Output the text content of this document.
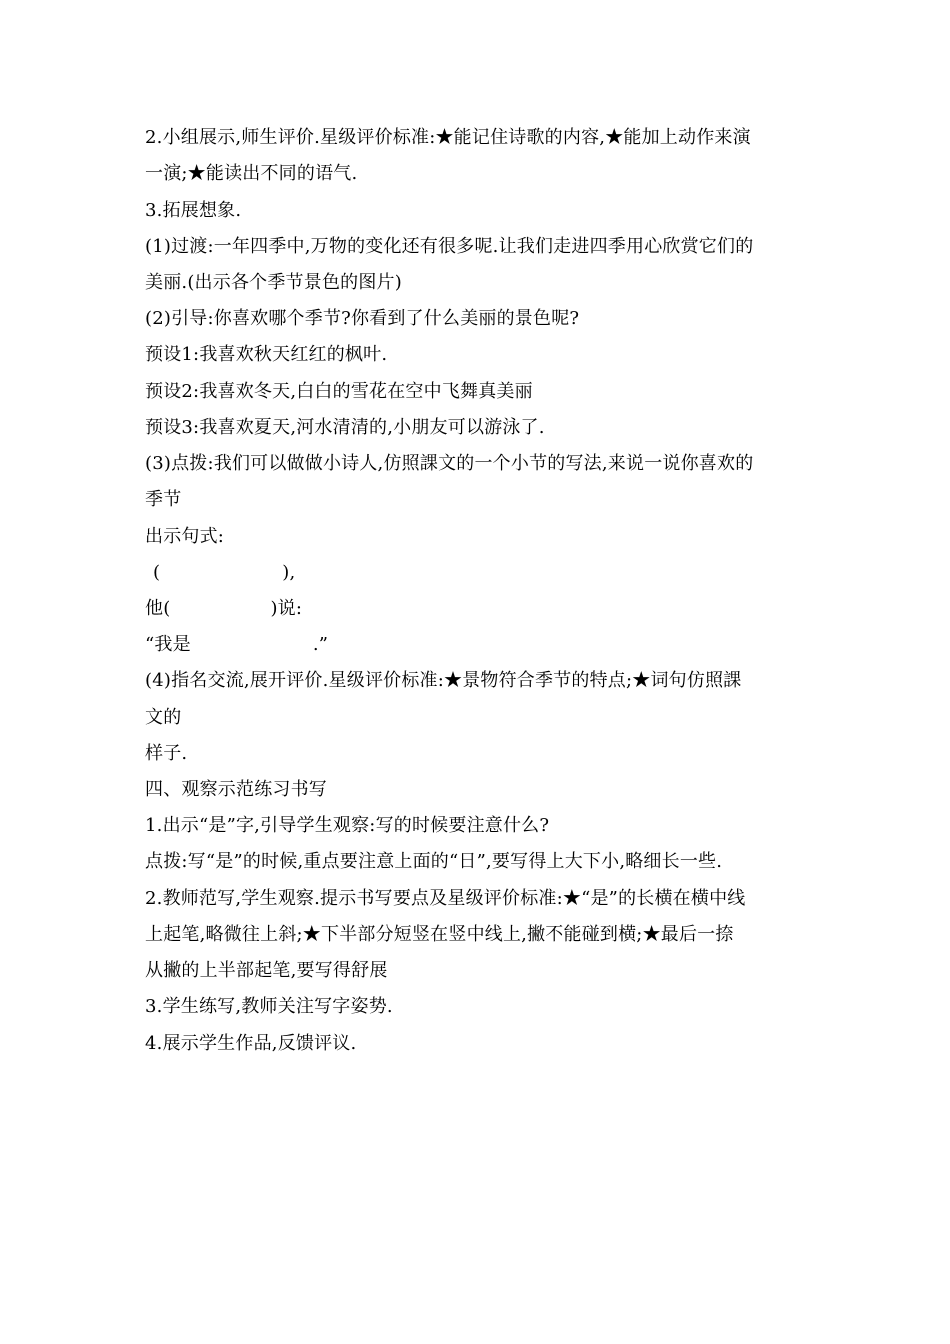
2.小组展示,师生评价.星级评价标准:★能记住诗歌的内容,★能加上动作来演
一演;★能读出不同的语气.
3.拓展想象.
(1)过渡:一年四季中,万物的变化还有很多呢.让我们走进四季用心欣赏它们的
美丽.(出示各个季节景色的图片)
(2)引导:你喜欢哪个季节?你看到了什么美丽的景色呢?
预设1:我喜欢秋天红红的枫叶.
预设2:我喜欢冬天,白白的雪花在空中飞舞真美丽
预设3:我喜欢夏天,河水清清的,小朋友可以游泳了.
(3)点拨:我们可以做做小诗人,仿照課文的一个小节的写法,来说一说你喜欢的
季节
出示句式:
(	),
他(	)说:
“我是	.”
(4)指名交流,展开评价.星级评价标准:★景物符合季节的特点;★词句仿照課
文的
样子.
四、观察示范练习书写
1.出示“是”字,引导学生观察:写的时候要注意什么?
点拨:写“是”的时候,重点要注意上面的“日”,要写得上大下小,略细长一些.
2.教师范写,学生观察.提示书写要点及星级评价标准:★“是”的长横在横中线
上起笔,略微往上斜;★下半部分短竖在竖中线上,撇不能碰到横;★最后一捺
从撇的上半部起笔,要写得舒展
3.学生练写,教师关注写字姿势.
4.展示学生作品,反馈评议.
